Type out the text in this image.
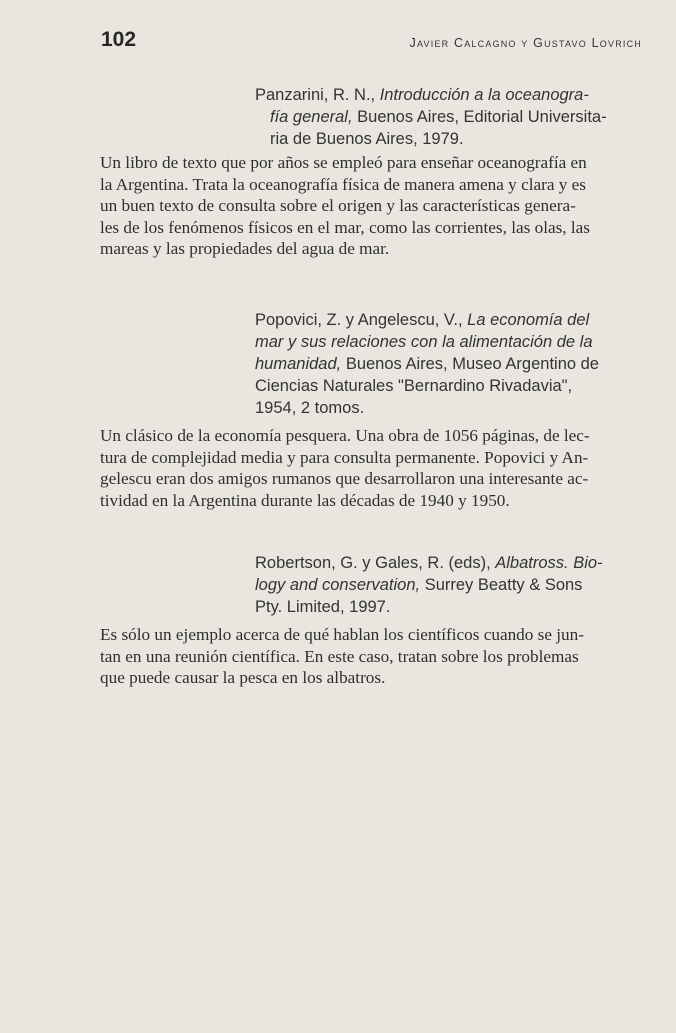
102	Javier Calcagno y Gustavo Lovrich
Panzarini, R. N., Introducción a la oceanogra-
fía general, Buenos Aires, Editorial Universita-
ria de Buenos Aires, 1979.
Un libro de texto que por años se empleó para enseñar oceanografía en
la Argentina. Trata la oceanografía física de manera amena y clara y es
un buen texto de consulta sobre el origen y las características genera-
les de los fenómenos físicos en el mar, como las corrientes, las olas, las
mareas y las propiedades del agua de mar.
Popovici, Z. y Angelescu, V., La economía del
mar y sus relaciones con la alimentación de la
humanidad, Buenos Aires, Museo Argentino de
Ciencias Naturales "Bernardino Rivadavia",
1954, 2 tomos.
Un clásico de la economía pesquera. Una obra de 1056 páginas, de lec-
tura de complejidad media y para consulta permanente. Popovici y An-
gelescu eran dos amigos rumanos que desarrollaron una interesante ac-
tividad en la Argentina durante las décadas de 1940 y 1950.
Robertson, G. y Gales, R. (eds), Albatross. Bio-
logy and conservation, Surrey Beatty & Sons
Pty. Limited, 1997.
Es sólo un ejemplo acerca de qué hablan los científicos cuando se jun-
tan en una reunión científica. En este caso, tratan sobre los problemas
que puede causar la pesca en los albatros.
